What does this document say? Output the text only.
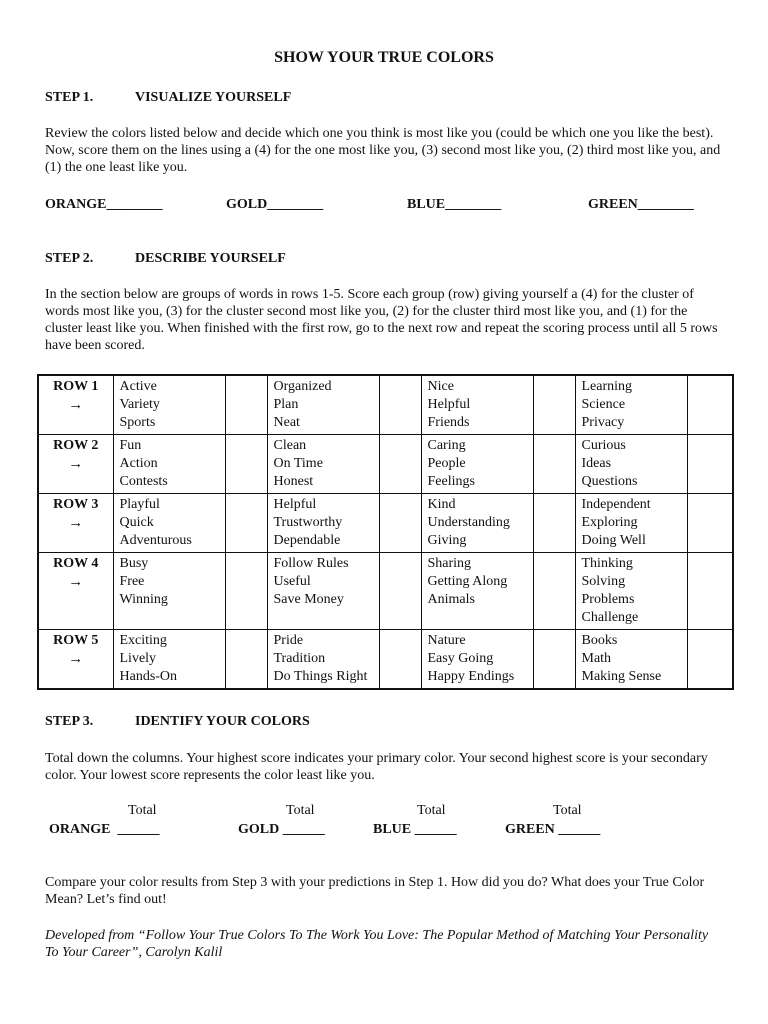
SHOW YOUR TRUE COLORS
STEP 1.	VISUALIZE YOURSELF
Review the colors listed below and decide which one you think is most like you (could be which one you like the best). Now, score them on the lines using a (4) for the one most like you, (3) second most like you, (2) third most like you, and (1) the one least like you.
ORANGE________	GOLD________	BLUE________	GREEN________
STEP 2.	DESCRIBE YOURSELF
In the section below are groups of words in rows 1-5. Score each group (row) giving yourself a (4) for the cluster of words most like you, (3) for the cluster second most like you, (2) for the cluster third most like you, and (1) for the cluster least like you. When finished with the first row, go to the next row and repeat the scoring process until all 5 rows have been scored.
ROW 1
→	Active
Variety
Sports		Organized
Plan
Neat		Nice
Helpful
Friends		Learning
Science
Privacy	

ROW 2
→	Fun
Action
Contests		Clean
On Time
Honest		Caring
People
Feelings		Curious
Ideas
Questions	

ROW 3
→	Playful
Quick
Adventurous		Helpful
Trustworthy
Dependable		Kind
Understanding
Giving		Independent
Exploring
Doing Well	

ROW 4
→	Busy
Free
Winning		Follow Rules
Useful
Save Money		Sharing
Getting Along
Animals		Thinking
Solving
Problems
Challenge	

ROW 5
→	Exciting
Lively
Hands-On		Pride
Tradition
Do Things Right		Nature
Easy Going
Happy Endings		Books
Math
Making Sense	

STEP 3.	IDENTIFY YOUR COLORS
Total down the columns. Your highest score indicates your primary color. Your second highest score is your secondary color. Your lowest score represents the color least like you.
Total	Total	Total	Total
ORANGE  ______	GOLD ______	BLUE ______	GREEN ______
Compare your color results from Step 3 with your predictions in Step 1. How did you do? What does your True Color Mean? Let’s find out!
Developed from “Follow Your True Colors To The Work You Love: The Popular Method of Matching Your Personality To Your Career”, Carolyn Kalil
